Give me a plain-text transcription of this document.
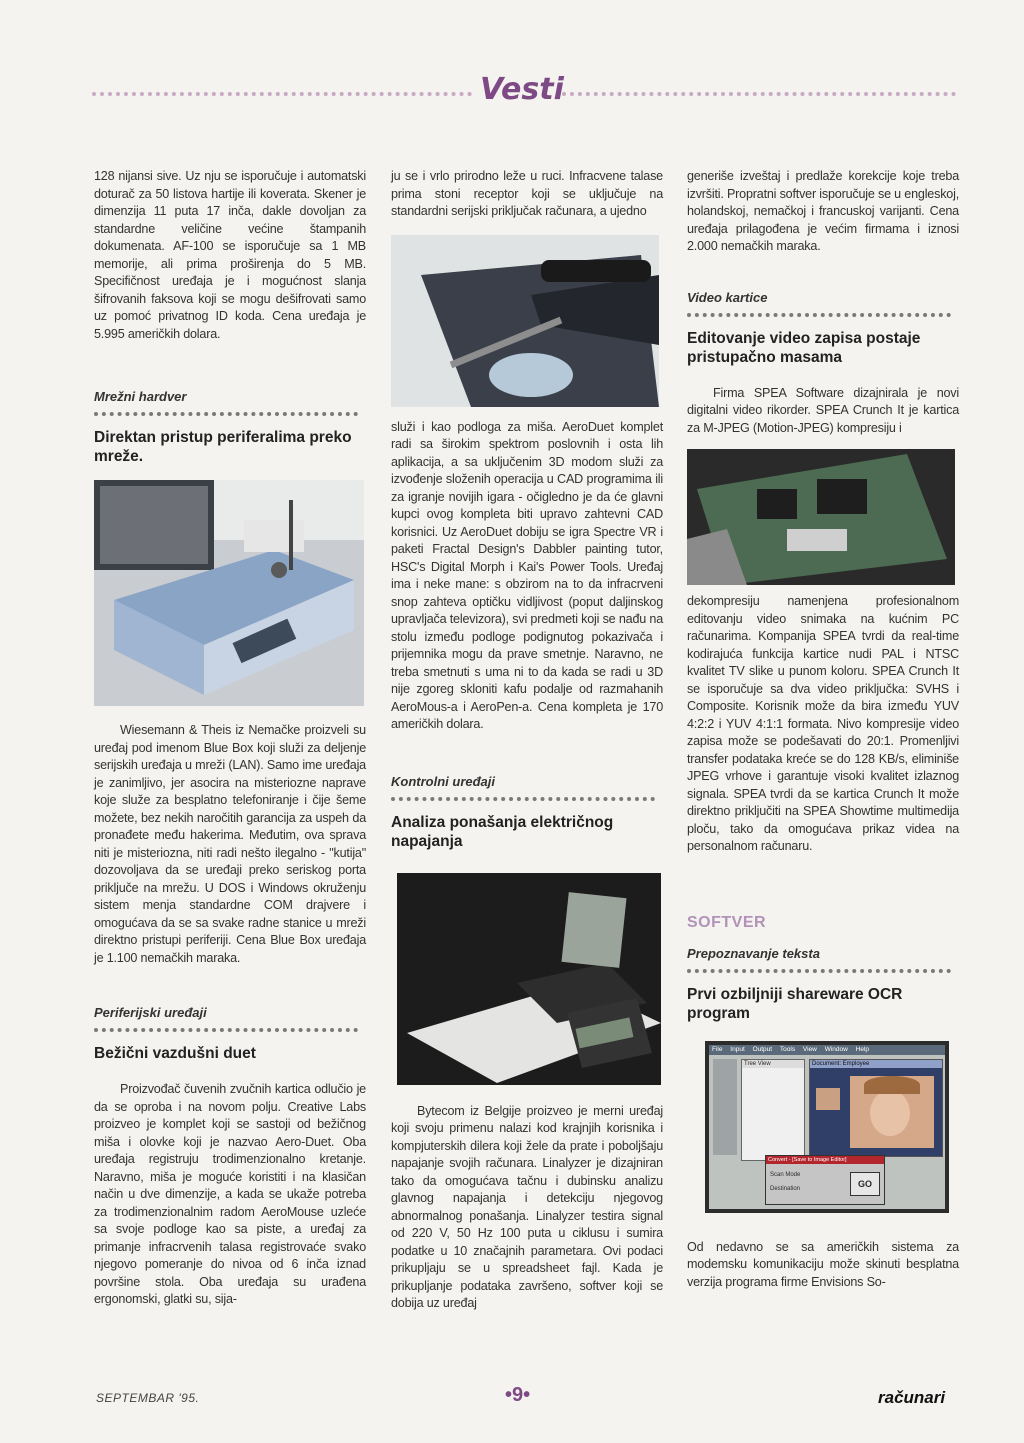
Vesti

128 nijansi sive. Uz nju se isporučuje i automatski doturač za 50 listova hartije ili koverata. Skener je dimenzija 11 puta 17 inča, dakle dovoljan za standardne veličine većine štampanih dokumenata. AF-100 se isporučuje sa 1 MB memorije, ali prima proširenja do 5 MB. Specifičnost uređaja je i mogućnost slanja šifrovanih faksova koji se mogu dešifrovati samo uz pomoć privatnog ID koda. Cena uređaja je 5.995 američkih dolara.

Mrežni hardver
Direktan pristup periferalima preko mreže.

Wiesemann & Theis iz Nemačke proizveli su uređaj pod imenom Blue Box koji služi za deljenje serijskih uređaja u mreži (LAN). Samo ime uređaja je zanimljivo, jer asocira na misteriozne naprave koje služe za besplatno telefoniranje i čije šeme možete, bez nekih naročitih garancija za uspeh da pronađete među hakerima. Međutim, ova sprava niti je misteriozna, niti radi nešto ilegalno - "kutija" dozovoljava da se uređaji preko seriskog porta priključe na mrežu. U DOS i Windows okruženju sistem menja standardne COM drajvere i omogućava da se sa svake radne stanice u mreži direktno pristupi periferiji. Cena Blue Box uređaja je 1.100 nemačkih maraka.

Periferijski uređaji
Bežični vazdušni duet

Proizvođač čuvenih zvučnih kartica odlučio je da se oproba i na novom polju. Creative Labs proizveo je komplet koji se sastoji od bežičnog miša i olovke koji je nazvao Aero-Duet. Oba uređaja registruju trodimenzionalno kretanje. Naravno, miša je moguće koristiti i na klasičan način u dve dimenzije, a kada se ukaže potreba za trodimenzionalnim radom AeroMouse uzleće sa svoje podloge kao sa piste, a uređaj za primanje infracrvenih talasa registrovaće svako njegovo pomeranje do nivoa od 6 inča iznad površine stola. Oba uređaja su urađena ergonomski, glatki su, sija-

ju se i vrlo prirodno leže u ruci. Infracvene talase prima stoni receptor koji se uključuje na standardni serijski priključak računara, a ujedno

služi i kao podloga za miša. AeroDuet komplet radi sa širokim spektrom poslovnih i osta lih aplikacija, a sa uključenim 3D modom služi za izvođenje složenih operacija u CAD programima ili za igranje novijih igara - očigledno je da će glavni kupci ovog kompleta biti upravo zahtevni CAD korisnici. Uz AeroDuet dobiju se igra Spectre VR i paketi Fractal Design's Dabbler painting tutor, HSC's Digital Morph i Kai's Power Tools. Uređaj ima i neke mane: s obzirom na to da infracrveni snop zahteva optičku vidljivost (poput daljinskog upravljača televizora), svi predmeti koji se nađu na stolu između podloge podignutog pokazivača i prijemnika mogu da prave smetnje. Naravno, ne treba smetnuti s uma ni to da kada se radi u 3D nije zgoreg skloniti kafu podalje od razmahanih AeroMous-a i AeroPen-a. Cena kompleta je 170 američkih dolara.

Kontrolni uređaji
Analiza ponašanja električnog napajanja

Bytecom iz Belgije proizveo je merni uređaj koji svoju primenu nalazi kod krajnjih korisnika i kompjuterskih dilera koji žele da prate i poboljšaju napajanje svojih računara. Linalyzer je dizajniran tako da omogućava tačnu i dubinsku analizu glavnog napajanja i detekciju njegovog abnormalnog ponašanja. Linalyzer testira signal od 220 V, 50 Hz 100 puta u ciklusu i sumira podatke u 10 značajnih parametara. Ovi podaci prikupljaju se u spreadsheet fajl. Kada je prikupljanje podataka završeno, softver koji se dobija uz uređaj

generiše izveštaj i predlaže korekcije koje treba izvršiti. Propratni softver isporučuje se u engleskoj, holandskoj, nemačkoj i francuskoj varijanti. Cena uređaja prilagođena je većim firmama i iznosi 2.000 nemačkih maraka.

Video kartice
Editovanje video zapisa postaje pristupačno masama

Firma SPEA Software dizajnirala je novi digitalni video rikorder. SPEA Crunch It je kartica za M-JPEG (Motion-JPEG) kompresiju i

dekompresiju namenjena profesionalnom editovanju video snimaka na kućnim PC računarima. Kompanija SPEA tvrdi da real-time kodirajuća funkcija kartice nudi PAL i NTSC kvalitet TV slike u punom koloru. SPEA Crunch It se isporučuje sa dva video priključka: SVHS i Composite. Korisnik može da bira između YUV 4:2:2 i YUV 4:1:1 formata. Nivo kompresije video zapisa može se podešavati do 20:1. Promenljivi transfer podataka kreće se do 128 KB/s, eliminiše JPEG vrhove i garantuje visoki kvalitet izlaznog signala. SPEA tvrdi da se kartica Crunch It može direktno priključiti na SPEA Showtime multimedija ploču, tako da omogućava prikaz videa na personalnom računaru.

SOFTVER
Prepoznavanje teksta
Prvi ozbiljniji shareware OCR program
File Input Output Tools View Window Help
Tree View	Document: Employee
Convert - [Save to Image Editor]
Scan Mode
Destination	GO

Od nedavno se sa američkih sistema za modemsku komunikaciju može skinuti besplatna verzija programa firme Envisions So-

SEPTEMBAR '95.	•9•	računari
